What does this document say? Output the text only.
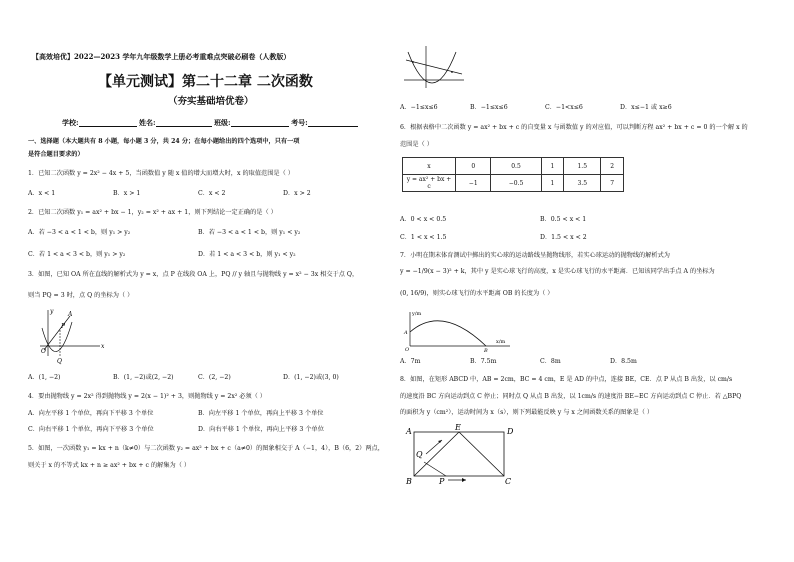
【高效培优】2022—2023 学年九年级数学上册必考重难点突破必刷卷（人教版）
【单元测试】第二十二章 二次函数
（夯实基础培优卷）
学校:	姓名:	班级:	考号:
一、选择题（本大题共有 8 小题，每小题 3 分，共 24 分；在每小题给出的四个选项中，只有一项
是符合题目要求的）
1．已知二次函数 y = 2x² − 4x + 5，当函数值 y 随 x 值的增大而增大时，x 的取值范围是（ ）
A．x < 1	B．x > 1	C．x < 2	D．x > 2
2．已知二次函数 y₁ = ax² + bx − 1，y₂ = x² + ax + 1，则下列结论一定正确的是（ ）
A．若 −3 < a < 1 < b，则 y₁ > y₂	B．若 −3 < a < 1 < b，则 y₁ < y₂
C．若 1 < a < 3 < b，则 y₁ > y₂	D．若 1 < a < 3 < b，则 y₁ < y₂
3．如图，已知 OA 所在直线的解析式为 y = x，点 P 在线段 OA 上，PQ // y 轴且与抛物线 y = x² − 3x 相交于点 Q，
则当 PQ = 3 时，点 Q 的坐标为（ ）
y
x
A
P
O
Q
A．(1, −2)	B．(1, −2)或(2, −2)	C．(2, −2)	D．(1, −2)或(3, 0)
4．要由抛物线 y = 2x² 得到抛物线 y = 2(x − 1)² + 3，则抛物线 y = 2x² 必须（ ）
A．向左平移 1 个单位，再向下平移 3 个单位	B．向左平移 1 个单位，再向上平移 3 个单位
C．向右平移 1 个单位，再向下平移 3 个单位	D．向右平移 1 个单位，再向上平移 3 个单位
5．如图，一次函数 y₁ = kx + n（k≠0）与二次函数 y₂ = ax² + bx + c（a≠0）的图象相交于 A（−1，4），B（6，2）两点，
则关于 x 的不等式 kx + n ≥ ax² + bx + c 的解集为（ ）
A．−1≤x≤6	B．−1≤x≤6	C．−1<x≤6	D．x≤−1 或 x≥6
6．根据表格中二次函数 y = ax² + bx + c 的自变量 x 与函数值 y 的对应值，可以判断方程 ax² + bx + c = 0 的一个解 x 的
范围是（ ）
x	0	0.5	1	1.5	2
y = ax² + bx + c	−1	−0.5	1	3.5	7
A．0 < x < 0.5	B．0.5 < x < 1
C．1 < x < 1.5	D．1.5 < x < 2
7．小明在期末体育测试中掷出的实心球的运动路线呈抛物线形，若实心球运动的抛物线的解析式为
y = −1/9(x − 3)² + k，其中 y 是实心球飞行的高度，x 是实心球飞行的水平距离．已知该同学出手点 A 的坐标为
(0, 16/9)，则实心球飞行的水平距离 OB 的长度为（ ）
y/m
x/m
A
O	B
A．7m	B．7.5m	C．8m	D．8.5m
8．如图，在矩形 ABCD 中，AB = 2cm，BC = 4 cm，E 是 AD 的中点，连接 BE，CE．点 P 从点 B 出发，以 cm/s
的速度沿 BC 方向运动到点 C 停止；同时点 Q 从点 B 出发，以 1cm/s 的速度沿 BE−EC 方向运动到点 C 停止．若 △BPQ
的面积为 y（cm²），运动时间为 x（s），则下列最能反映 y 与 x 之间函数关系的图象是（ ）
A	E	D
Q
B	P	C
